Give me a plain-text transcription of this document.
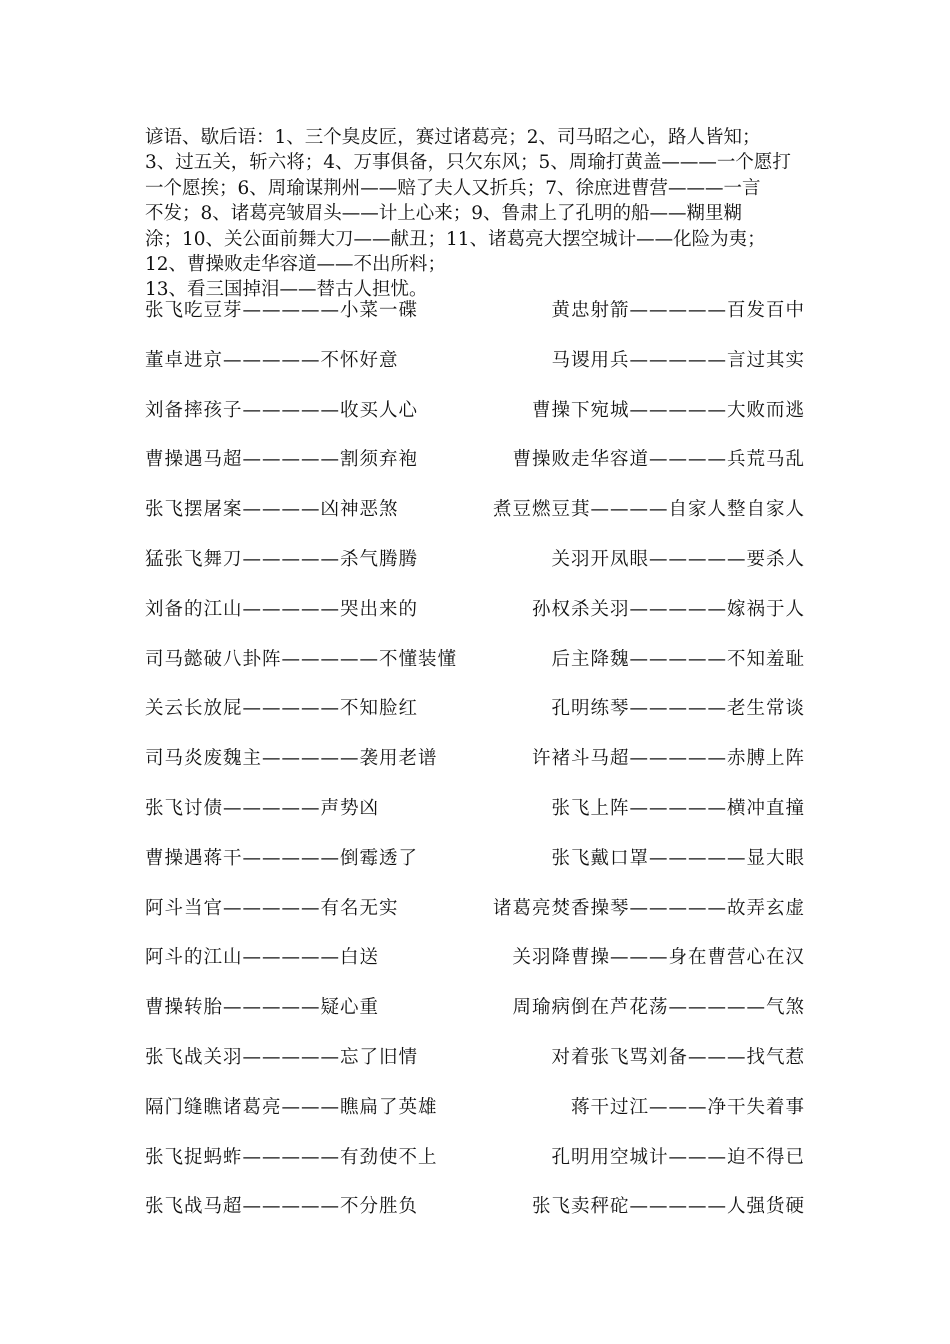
谚语、歇后语：1、三个臭皮匠，赛过诸葛亮；2、司马昭之心，路人皆知；

3、过五关，斩六将；4、万事俱备，只欠东风；5、周瑜打黄盖———一个愿打

一个愿挨；6、周瑜谋荆州——赔了夫人又折兵；7、徐庶进曹营———一言

不发；8、诸葛亮皱眉头——计上心来；9、鲁肃上了孔明的船——糊里糊

涂；10、关公面前舞大刀——献丑；11、诸葛亮大摆空城计——化险为夷；

12、曹操败走华容道——不出所料；

13、看三国掉泪——替古人担忧。

张飞吃豆芽—————小菜一碟	黄忠射箭—————百发百中
董卓进京—————不怀好意	马谡用兵—————言过其实
刘备摔孩子—————收买人心	曹操下宛城—————大败而逃
曹操遇马超—————割须弃袍	曹操败走华容道————兵荒马乱
张飞摆屠案————凶神恶煞	煮豆燃豆萁————自家人整自家人
猛张飞舞刀—————杀气腾腾	关羽开凤眼—————要杀人
刘备的江山—————哭出来的	孙权杀关羽—————嫁祸于人
司马懿破八卦阵—————不懂装懂	后主降魏—————不知羞耻
关云长放屁—————不知脸红	孔明练琴—————老生常谈
司马炎废魏主—————袭用老谱	许褚斗马超—————赤膊上阵
张飞讨债—————声势凶	张飞上阵—————横冲直撞
曹操遇蒋干—————倒霉透了	张飞戴口罩—————显大眼
阿斗当官—————有名无实	诸葛亮焚香操琴—————故弄玄虚
阿斗的江山—————白送	关羽降曹操———身在曹营心在汉
曹操转胎—————疑心重	周瑜病倒在芦花荡—————气煞
张飞战关羽—————忘了旧情	对着张飞骂刘备———找气惹
隔门缝瞧诸葛亮———瞧扁了英雄	蒋干过江———净干失着事
张飞捉蚂蚱—————有劲使不上	孔明用空城计———迫不得已
张飞战马超—————不分胜负	张飞卖秤砣—————人强货硬
